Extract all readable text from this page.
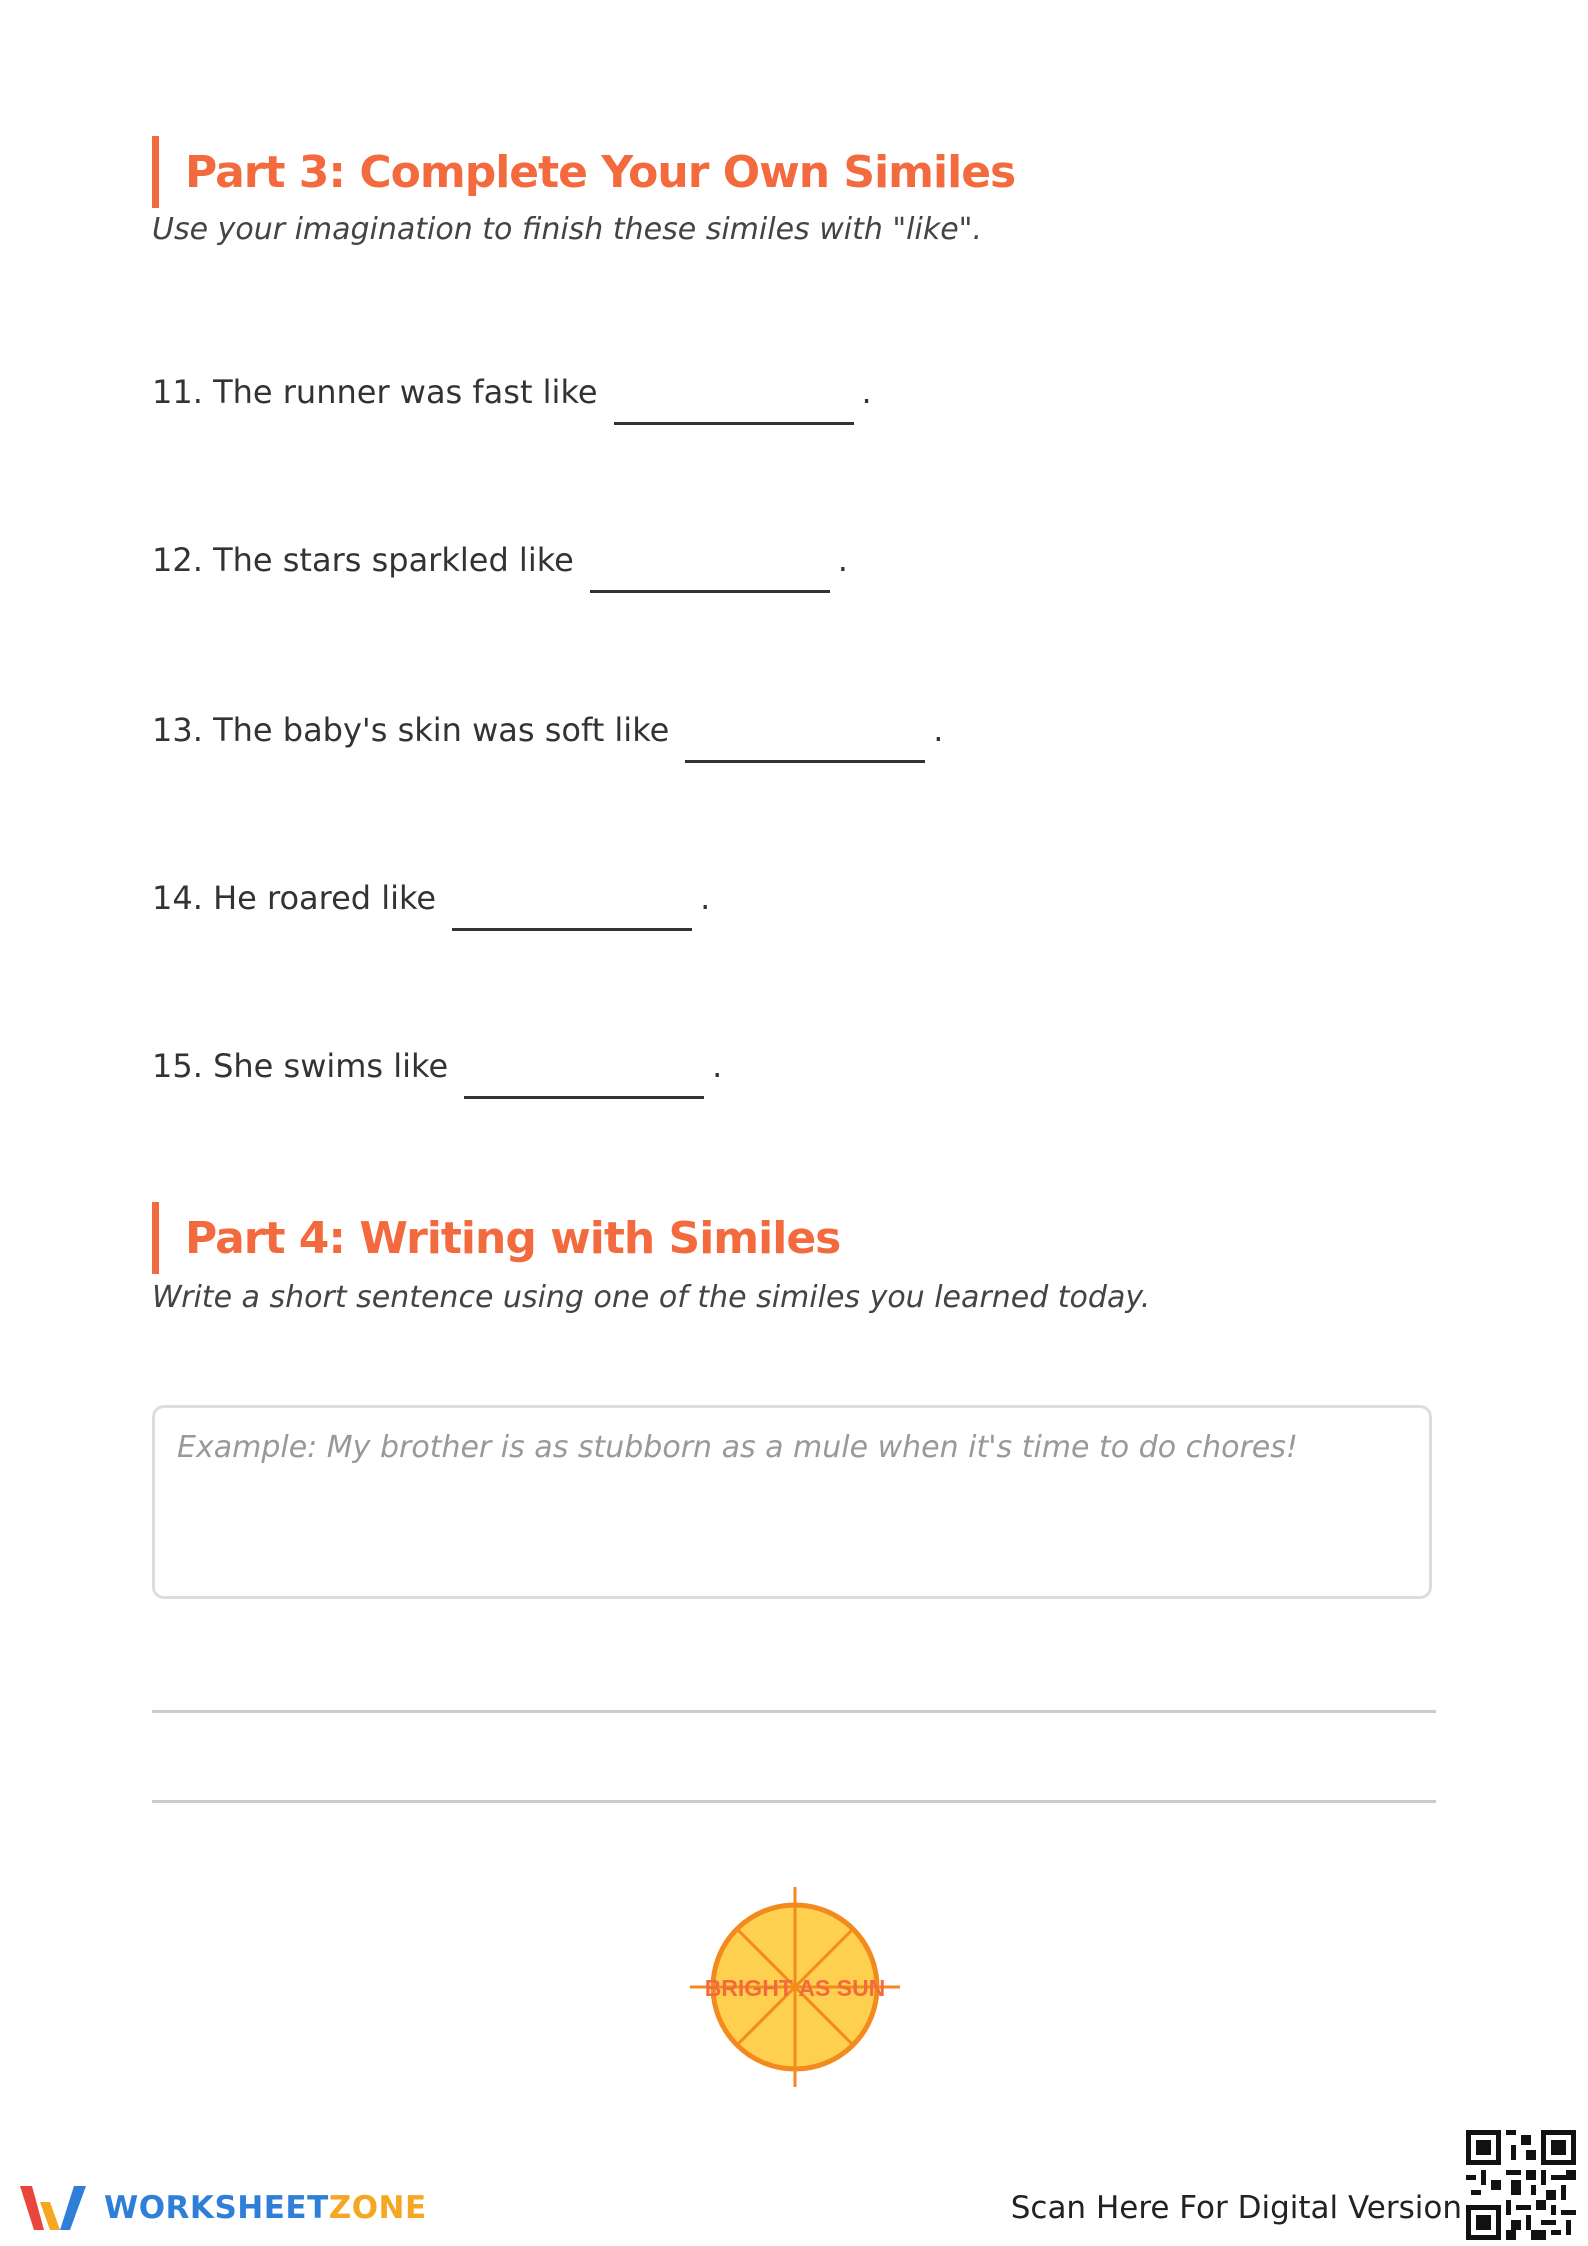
Part 3: Complete Your Own Similes
Use your imagination to finish these similes with "like".
11. The runner was fast like	.
12. The stars sparkled like	.
13. The baby's skin was soft like	.
14. He roared like	.
15. She swims like	.
Part 4: Writing with Similes
Write a short sentence using one of the similes you learned today.
Example: My brother is as stubborn as a mule when it's time to do chores!
BRIGHT AS SUN
WORKSHEETZONE	Scan Here For Digital Version
